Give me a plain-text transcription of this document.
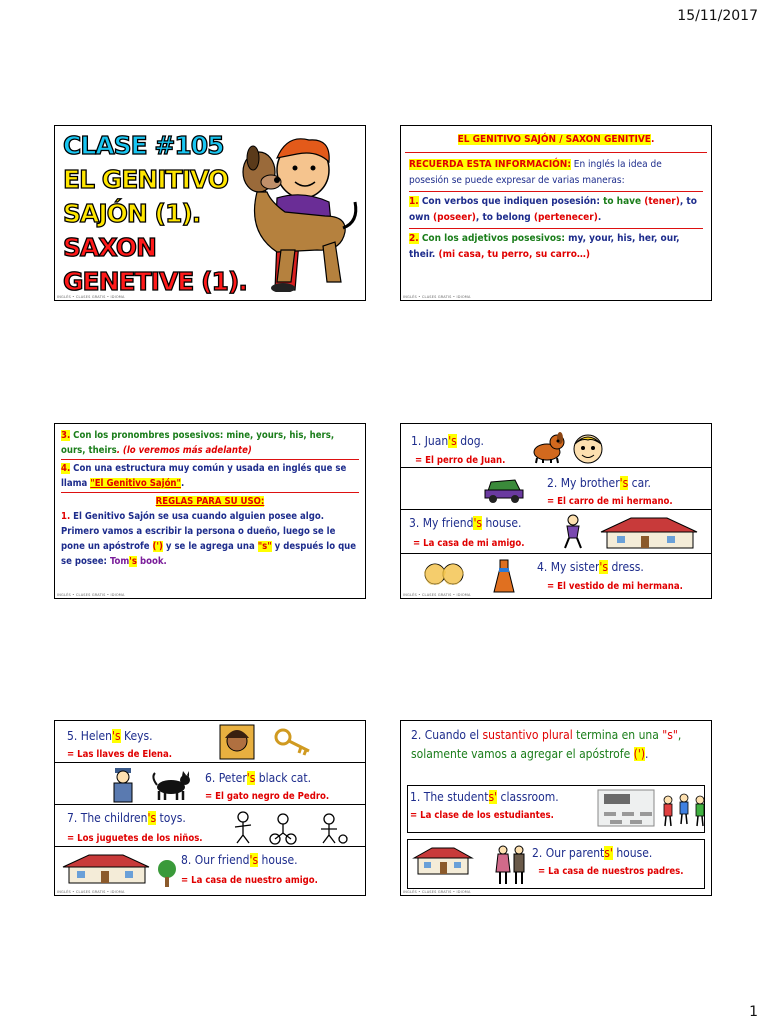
15/11/2017
CLASE #105
EL GENITIVO
SAJÓN (1).
SAXON
GENETIVE (1).
INGLÉS • CLASES GRATIS • IDIOMA
EL GENITIVO SAJÓN / SAXON GENITIVE.
RECUERDA ESTA INFORMACIÓN: En inglés la idea de posesión se puede expresar de varias maneras:
1. Con verbos que indiquen posesión: to have (tener), to own (poseer), to belong (pertenecer).
2. Con los adjetivos posesivos: my, your, his, her, our, their. (mi casa, tu perro, su carro…)
INGLÉS • CLASES GRATIS • IDIOMA
3. Con los pronombres posesivos: mine, yours, his, hers, ours, theirs. (lo veremos más adelante)
4. Con una estructura muy común y usada en inglés que se llama "El Genitivo Sajón".
REGLAS PARA SU USO:
1. El Genitivo Sajón se usa cuando alguien posee algo. Primero vamos a escribir la persona o dueño, luego se le pone un apóstrofe (') y se le agrega una "s" y después lo que se posee: Tom's book.
INGLÉS • CLASES GRATIS • IDIOMA
1. Juan's dog.
= El perro de Juan.
2. My brother's car.
= El carro de mi hermano.
3. My friend's house.
= La casa de mi amigo.
4. My sister's dress.
= El vestido de mi hermana.
INGLÉS • CLASES GRATIS • IDIOMA
5. Helen's Keys.
= Las llaves de Elena.
6. Peter's black cat.
= El gato negro de Pedro.
7. The children's toys.
= Los juguetes de los niños.
8. Our friend's house.
= La casa de nuestro amigo.
INGLÉS • CLASES GRATIS • IDIOMA
2. Cuando el sustantivo plural termina en una "s", solamente vamos a agregar el apóstrofe (').
1. The students' classroom.
= La clase de los estudiantes.
2. Our parents' house.
= La casa de nuestros padres.
INGLÉS • CLASES GRATIS • IDIOMA
1
